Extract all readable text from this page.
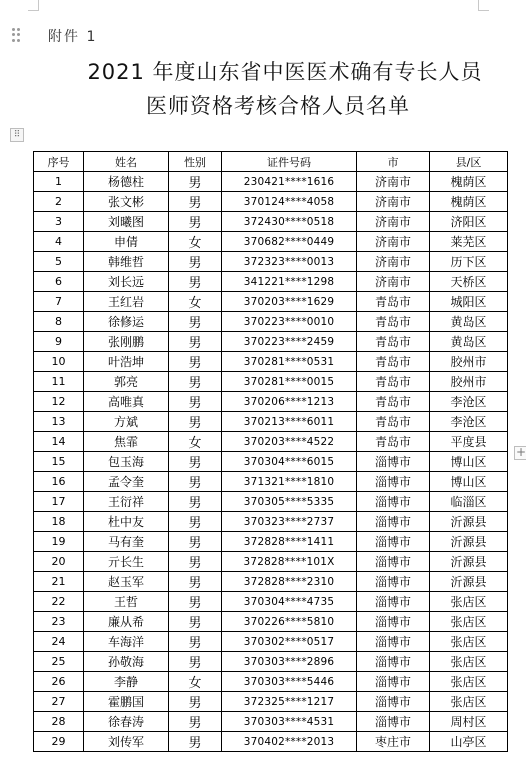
附件 1
2021 年度山东省中医医术确有专长人员
医师资格考核合格人员名单
⠿
+
序号	姓名	性别	证件号码	市	县/区
1	杨德柱	男	230421****1616	济南市	槐荫区
2	张文彬	男	370124****4058	济南市	槐荫区
3	刘曦图	男	372430****0518	济南市	济阳区
4	申倩	女	370682****0449	济南市	莱芜区
5	韩维哲	男	372323****0013	济南市	历下区
6	刘长远	男	341221****1298	济南市	天桥区
7	王红岩	女	370203****1629	青岛市	城阳区
8	徐修运	男	370223****0010	青岛市	黄岛区
9	张刚鹏	男	370223****2459	青岛市	黄岛区
10	叶浩坤	男	370281****0531	青岛市	胶州市
11	郭亮	男	370281****0015	青岛市	胶州市
12	高唯真	男	370206****1213	青岛市	李沧区
13	方斌	男	370213****6011	青岛市	李沧区
14	焦霏	女	370203****4522	青岛市	平度县
15	包玉海	男	370304****6015	淄博市	博山区
16	孟令奎	男	371321****1810	淄博市	博山区
17	王衍祥	男	370305****5335	淄博市	临淄区
18	杜中友	男	370323****2737	淄博市	沂源县
19	马有奎	男	372828****1411	淄博市	沂源县
20	亓长生	男	372828****101X	淄博市	沂源县
21	赵玉军	男	372828****2310	淄博市	沂源县
22	王哲	男	370304****4735	淄博市	张店区
23	廉从希	男	370226****5810	淄博市	张店区
24	车海洋	男	370302****0517	淄博市	张店区
25	孙敬海	男	370303****2896	淄博市	张店区
26	李静	女	370303****5446	淄博市	张店区
27	霍鹏国	男	372325****1217	淄博市	张店区
28	徐春涛	男	370303****4531	淄博市	周村区
29	刘传军	男	370402****2013	枣庄市	山亭区
